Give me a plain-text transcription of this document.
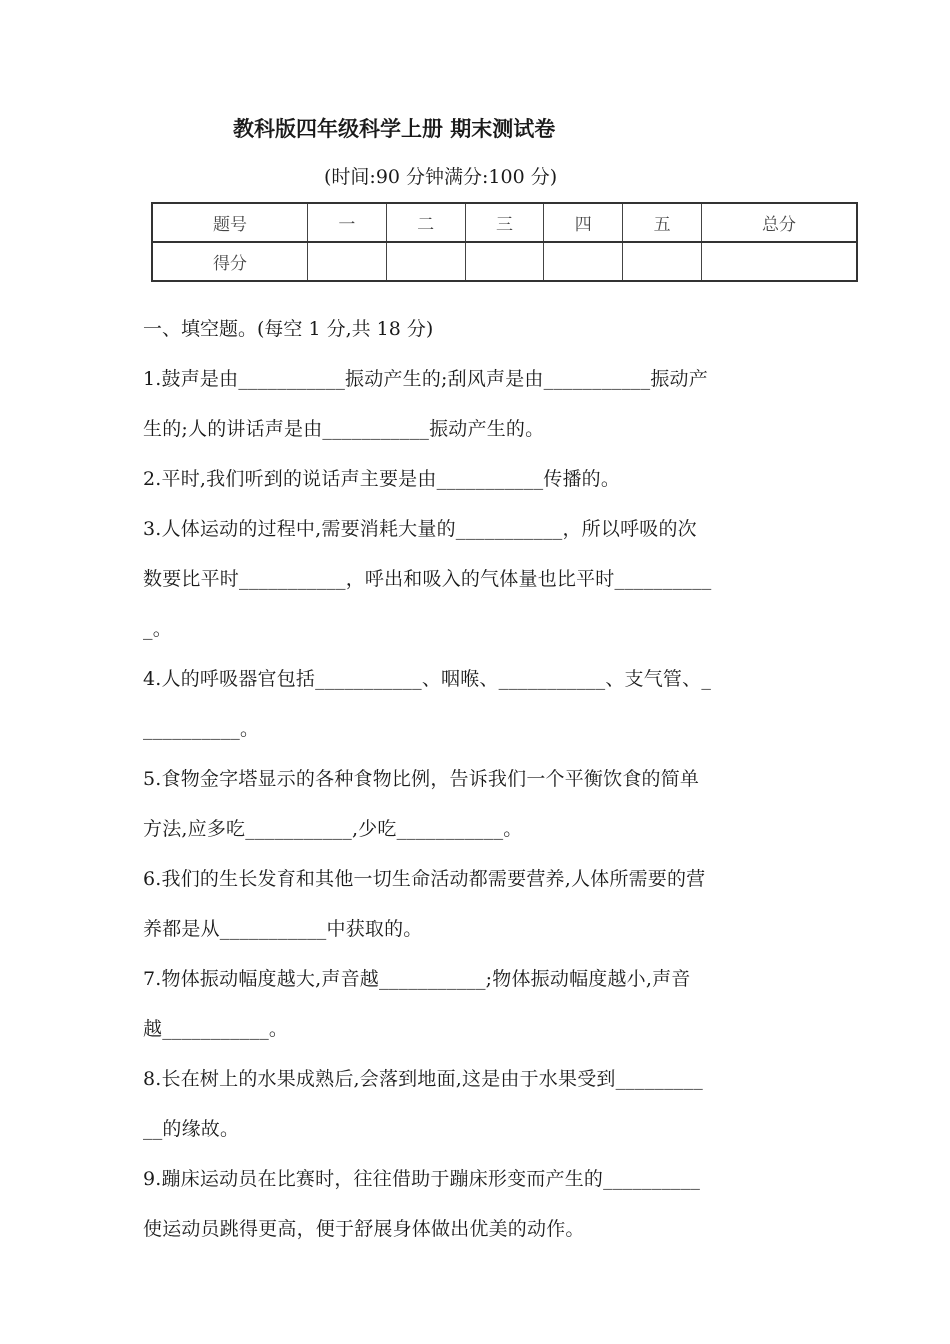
教科版四年级科学上册 期末测试卷
(时间:90 分钟满分:100 分)
题号	一	二	三	四	五	总分
得分						
一、填空题。(每空 1 分,共 18 分)
1.鼓声是由___________振动产生的;刮风声是由___________振动产
生的;人的讲话声是由___________振动产生的。
2.平时,我们听到的说话声主要是由___________传播的。
3.人体运动的过程中,需要消耗大量的___________，所以呼吸的次
数要比平时___________，呼出和吸入的气体量也比平时__________
_。
4.人的呼吸器官包括___________、咽喉、___________、支气管、_
__________。
5.食物金字塔显示的各种食物比例，告诉我们一个平衡饮食的简单
方法,应多吃___________,少吃___________。
6.我们的生长发育和其他一切生命活动都需要营养,人体所需要的营
养都是从___________中获取的。
7.物体振动幅度越大,声音越___________;物体振动幅度越小,声音
越___________。
8.长在树上的水果成熟后,会落到地面,这是由于水果受到_________
__的缘故。
9.蹦床运动员在比赛时，往往借助于蹦床形变而产生的__________
使运动员跳得更高，便于舒展身体做出优美的动作。
